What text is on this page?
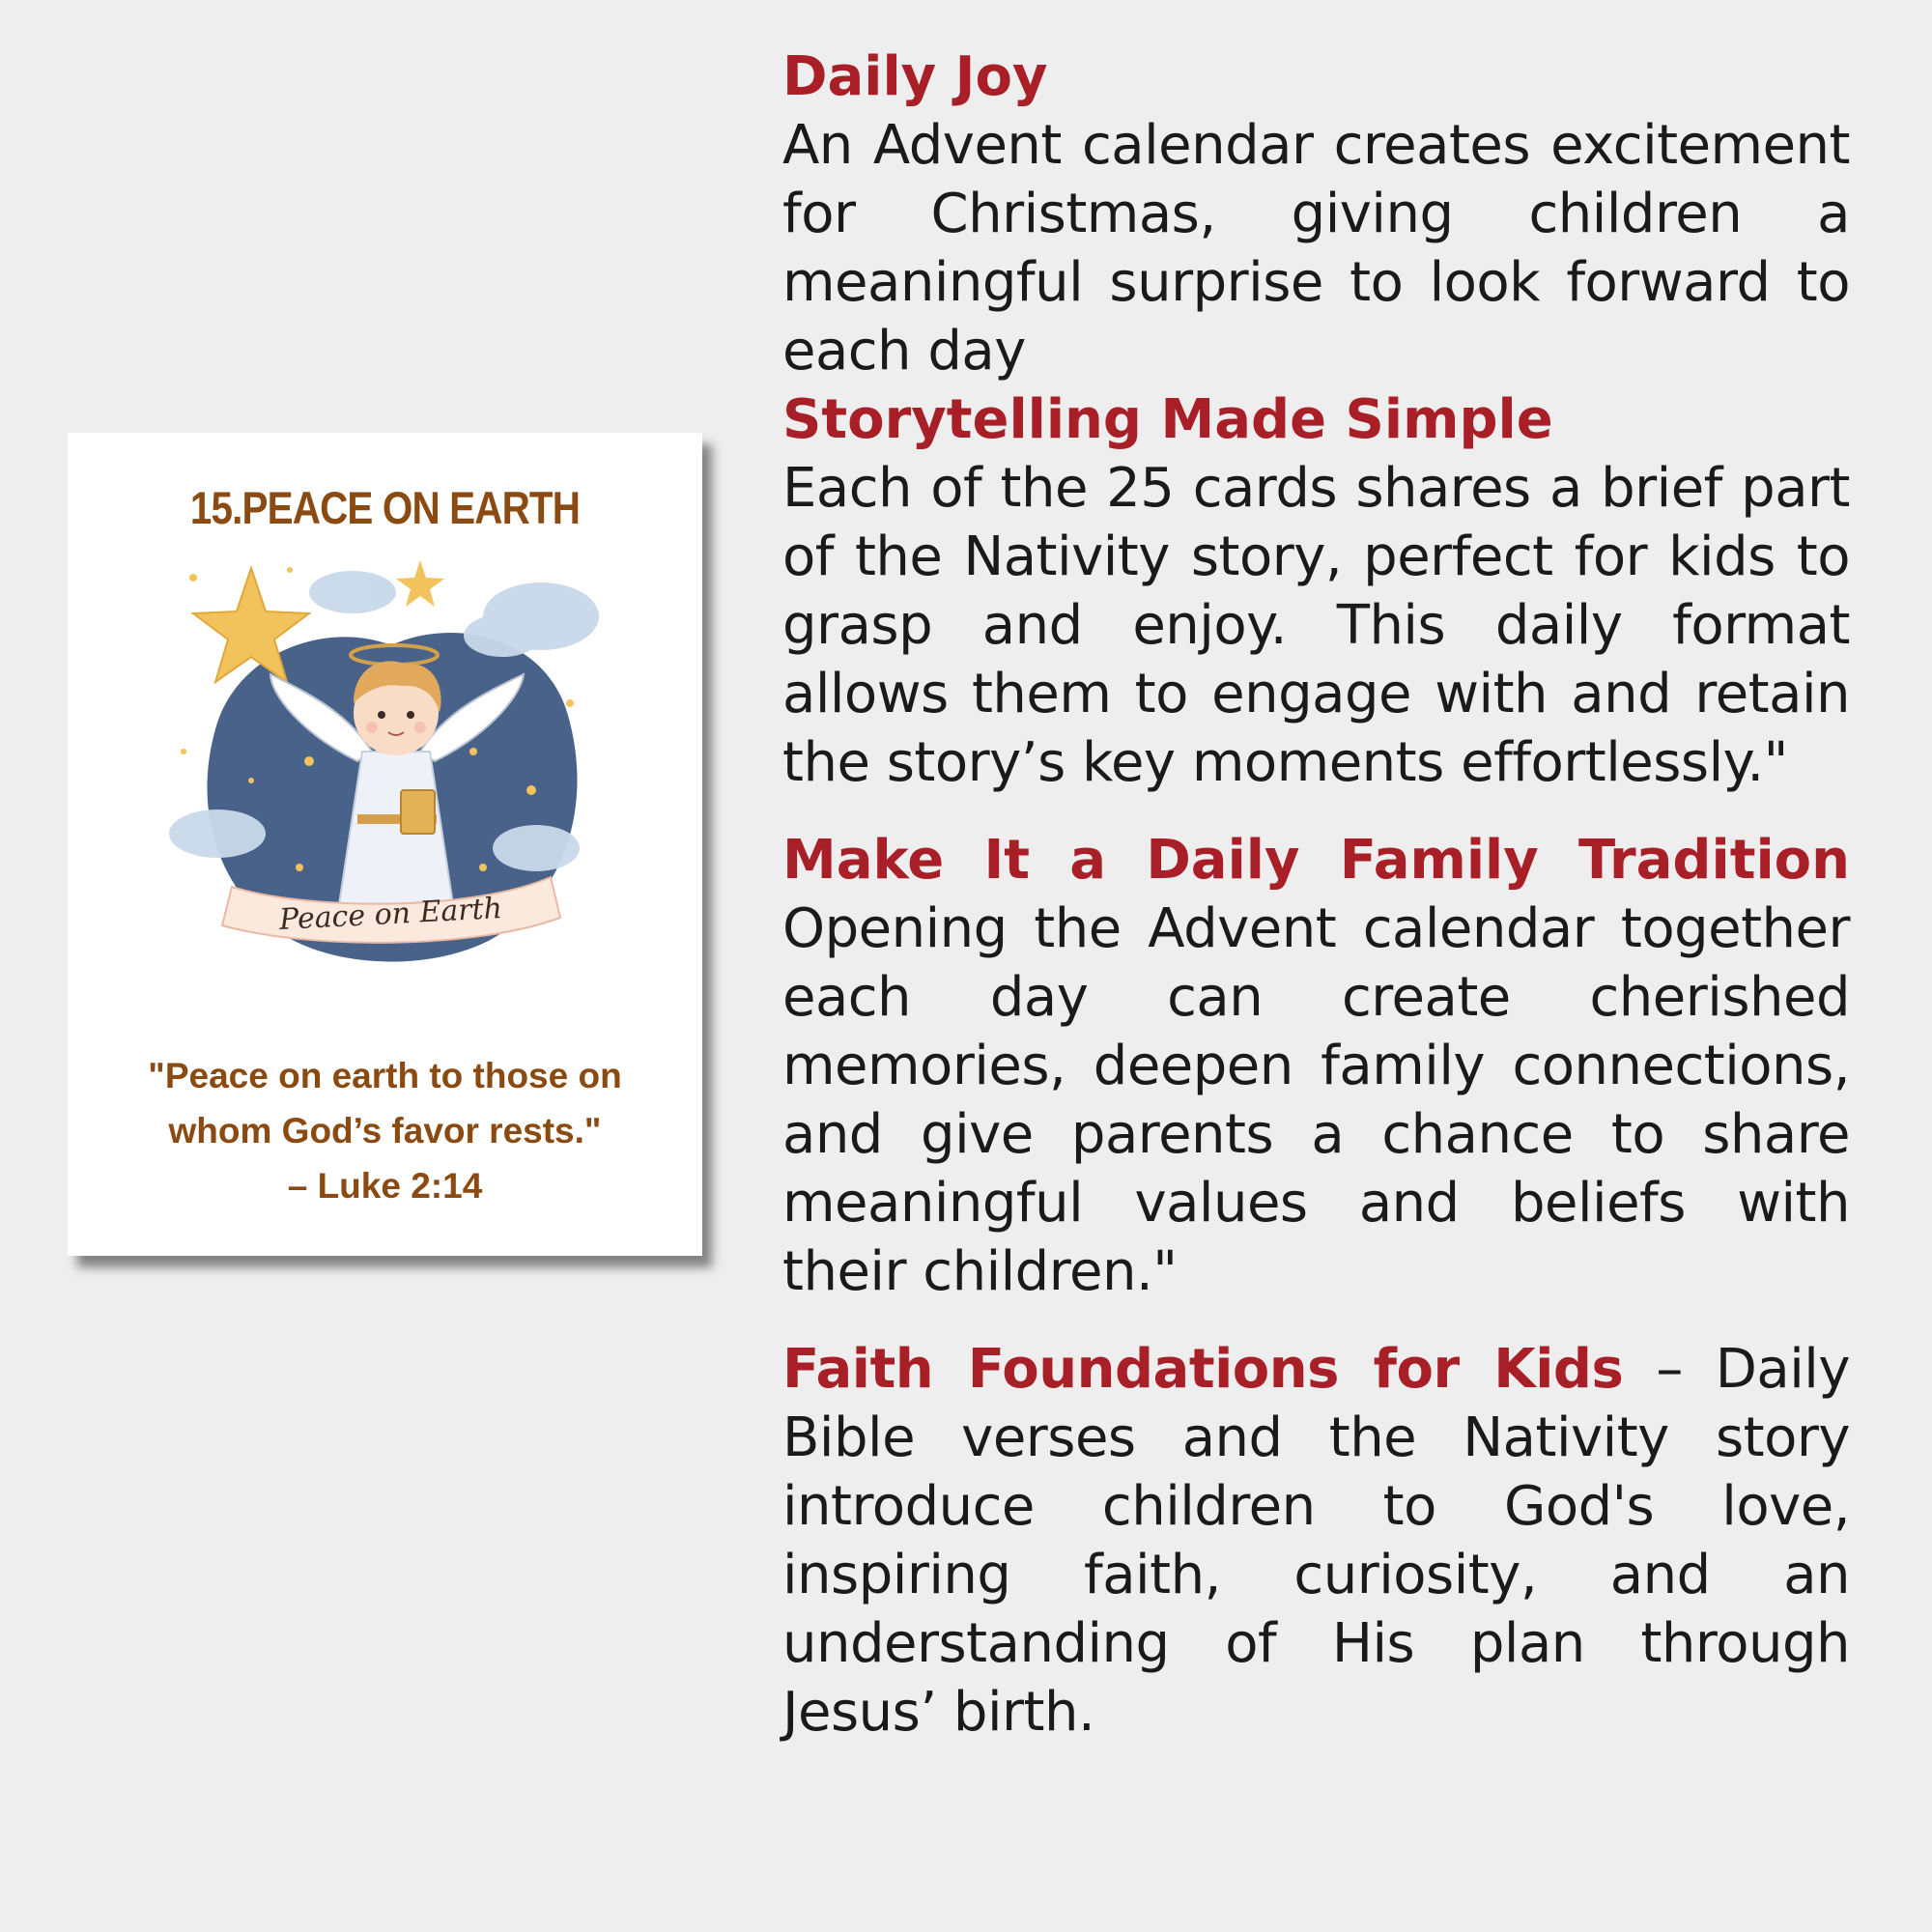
15.PEACE ON EARTH
Peace on Earth
"Peace on earth to those on
whom God’s favor rests."
– Luke 2:14
Daily Joy

An Advent calendar creates excitement for Christmas, giving children a meaningful surprise to look forward to each day

Storytelling Made Simple

Each of the 25 cards shares a brief part of the Nativity story, perfect for kids to grasp and enjoy. This daily format allows them to engage with and retain the story’s key moments effortlessly."

Make It a Daily Family Tradition

Opening the Advent calendar together each day can create cherished memories, deepen family connections, and give parents a chance to share meaningful values and beliefs with their children."

Faith Foundations for Kids – Daily Bible verses and the Nativity story introduce children to God's love, inspiring faith, curiosity, and an understanding of His plan through Jesus’ birth.
